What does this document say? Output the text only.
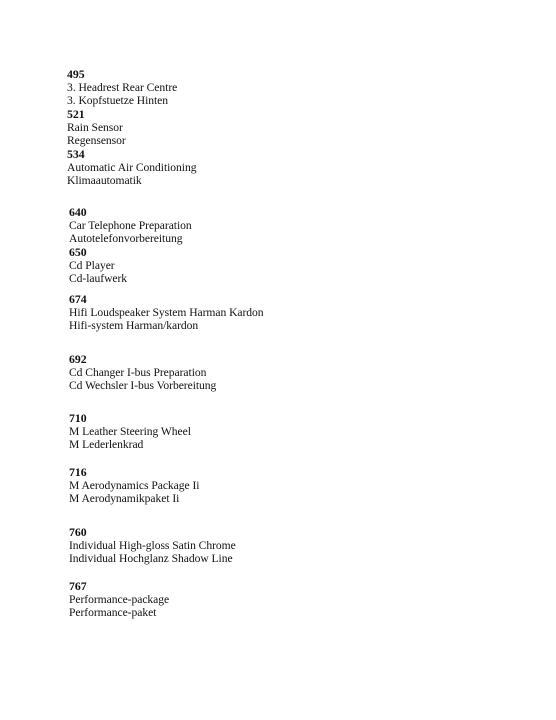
495
3. Headrest Rear Centre
3. Kopfstuetze Hinten
521
Rain Sensor
Regensensor
534
Automatic Air Conditioning
Klimaautomatik
640
Car Telephone Preparation
Autotelefonvorbereitung
650
Cd Player
Cd-laufwerk
674
Hifi Loudspeaker System Harman Kardon
Hifi-system Harman/kardon
692
Cd Changer I-bus Preparation
Cd Wechsler I-bus Vorbereitung
710
M Leather Steering Wheel
M Lederlenkrad
716
M Aerodynamics Package Ii
M Aerodynamikpaket Ii
760
Individual High-gloss Satin Chrome
Individual Hochglanz Shadow Line
767
Performance-package
Performance-paket
